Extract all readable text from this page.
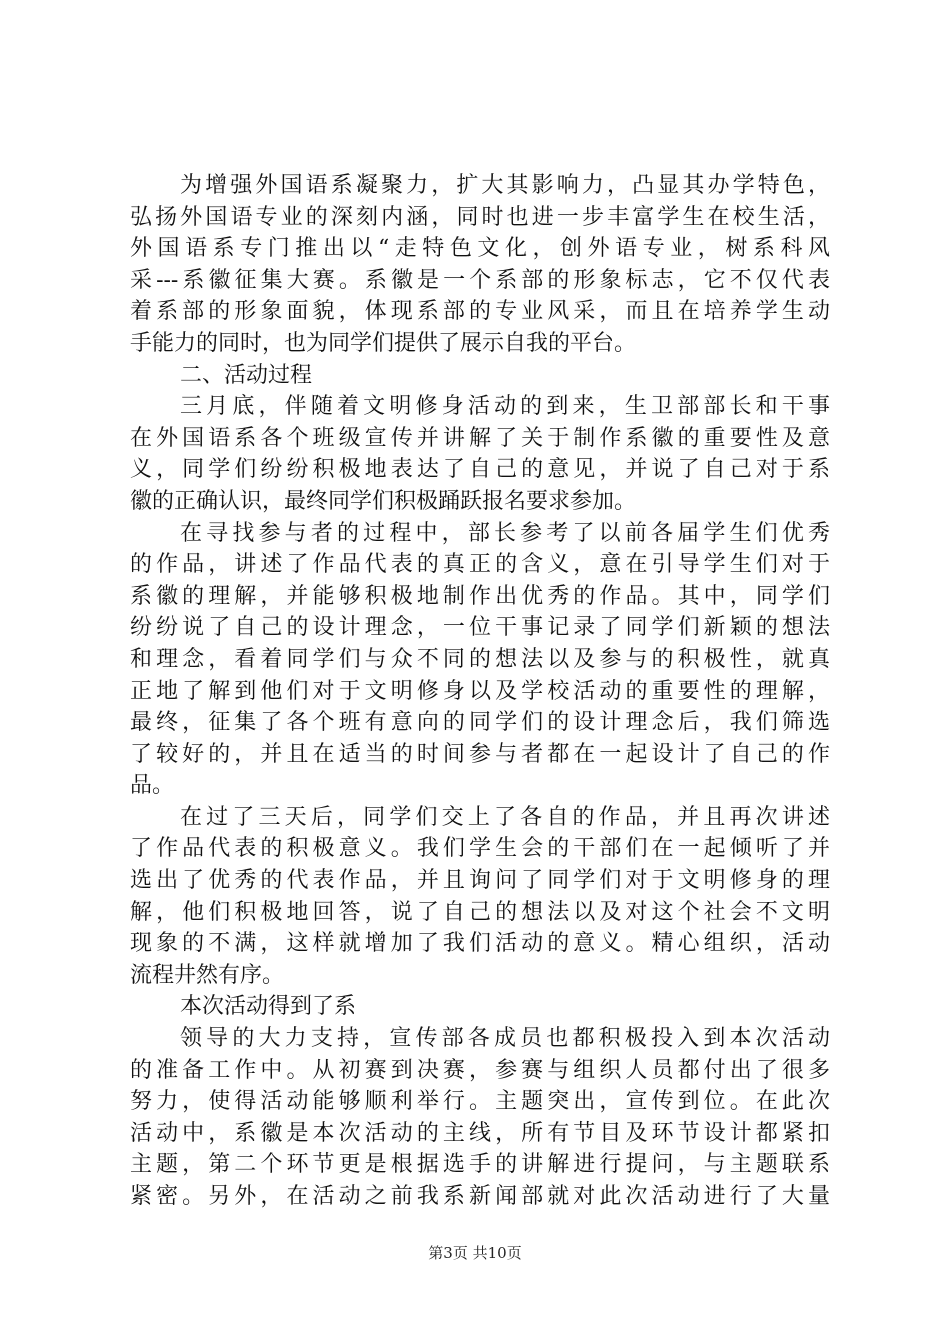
为增强外国语系凝聚力，扩大其影响力，凸显其办学特色，
弘扬外国语专业的深刻内涵，同时也进一步丰富学生在校生活，
外国语系专门推出以“走特色文化，创外语专业，树系科风
采---系徽征集大赛。系徽是一个系部的形象标志，它不仅代表
着系部的形象面貌，体现系部的专业风采，而且在培养学生动
手能力的同时，也为同学们提供了展示自我的平台。
二、活动过程
三月底，伴随着文明修身活动的到来，生卫部部长和干事
在外国语系各个班级宣传并讲解了关于制作系徽的重要性及意
义，同学们纷纷积极地表达了自己的意见，并说了自己对于系
徽的正确认识，最终同学们积极踊跃报名要求参加。
在寻找参与者的过程中，部长参考了以前各届学生们优秀
的作品，讲述了作品代表的真正的含义，意在引导学生们对于
系徽的理解，并能够积极地制作出优秀的作品。其中，同学们
纷纷说了自己的设计理念，一位干事记录了同学们新颖的想法
和理念，看着同学们与众不同的想法以及参与的积极性，就真
正地了解到他们对于文明修身以及学校活动的重要性的理解，
最终，征集了各个班有意向的同学们的设计理念后，我们筛选
了较好的，并且在适当的时间参与者都在一起设计了自己的作
品。
在过了三天后，同学们交上了各自的作品，并且再次讲述
了作品代表的积极意义。我们学生会的干部们在一起倾听了并
选出了优秀的代表作品，并且询问了同学们对于文明修身的理
解，他们积极地回答，说了自己的想法以及对这个社会不文明
现象的不满，这样就增加了我们活动的意义。精心组织，活动
流程井然有序。
本次活动得到了系
领导的大力支持，宣传部各成员也都积极投入到本次活动
的准备工作中。从初赛到决赛，参赛与组织人员都付出了很多
努力，使得活动能够顺利举行。主题突出，宣传到位。在此次
活动中，系徽是本次活动的主线，所有节目及环节设计都紧扣
主题，第二个环节更是根据选手的讲解进行提问，与主题联系
紧密。另外，在活动之前我系新闻部就对此次活动进行了大量
第3页 共10页
